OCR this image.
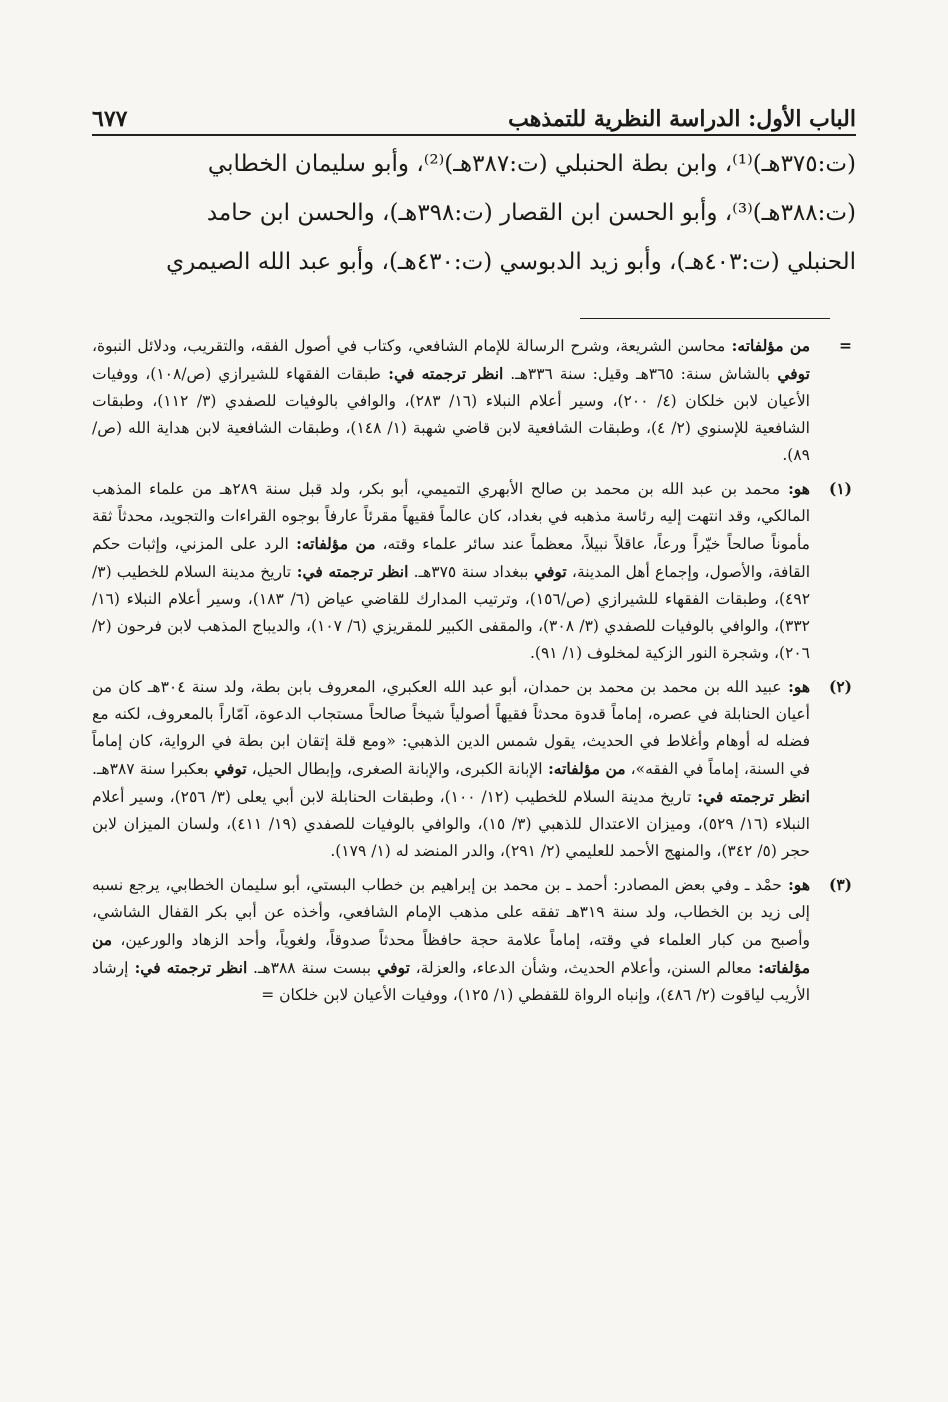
الباب الأول: الدراسة النظرية للتمذهب
٦٧٧
(ت:٣٧٥هـ)⁽¹⁾، وابن بطة الحنبلي (ت:٣٨٧هـ)⁽²⁾، وأبو سليمان الخطابي
(ت:٣٨٨هـ)⁽³⁾، وأبو الحسن ابن القصار (ت:٣٩٨هـ)، والحسن ابن حامد
الحنبلي (ت:٤٠٣هـ)، وأبو زيد الدبوسي (ت:٤٣٠هـ)، وأبو عبد الله الصيمري
=
من مؤلفاته: محاسن الشريعة، وشرح الرسالة للإمام الشافعي، وكتاب في أصول الفقه، والتقريب، ودلائل النبوة، توفي بالشاش سنة: ٣٦٥هـ وقيل: سنة ٣٣٦هـ. انظر ترجمته في: طبقات الفقهاء للشيرازي (ص/١٠٨)، ووفيات الأعيان لابن خلكان (٤/ ٢٠٠)، وسير أعلام النبلاء (١٦/ ٢٨٣)، والوافي بالوفيات للصفدي (٣/ ١١٢)، وطبقات الشافعية للإسنوي (٢/ ٤)، وطبقات الشافعية لابن قاضي شهبة (١/ ١٤٨)، وطبقات الشافعية لابن هداية الله (ص/ ٨٩).
(١)
هو: محمد بن عبد الله بن محمد بن صالح الأبهري التميمي، أبو بكر، ولد قبل سنة ٢٨٩هـ من علماء المذهب المالكي، وقد انتهت إليه رئاسة مذهبه في بغداد، كان عالماً فقيهاً مقرئاً عارفاً بوجوه القراءات والتجويد، محدثاً ثقة مأموناً صالحاً خيّراً ورعاً، عاقلاً نبيلاً، معظماً عند سائر علماء وقته، من مؤلفاته: الرد على المزني، وإثبات حكم القافة، والأصول، وإجماع أهل المدينة، توفي ببغداد سنة ٣٧٥هـ. انظر ترجمته في: تاريخ مدينة السلام للخطيب (٣/ ٤٩٢)، وطبقات الفقهاء للشيرازي (ص/١٥٦)، وترتيب المدارك للقاضي عياض (٦/ ١٨٣)، وسير أعلام النبلاء (١٦/ ٣٣٢)، والوافي بالوفيات للصفدي (٣/ ٣٠٨)، والمقفى الكبير للمقريزي (٦/ ١٠٧)، والديباج المذهب لابن فرحون (٢/ ٢٠٦)، وشجرة النور الزكية لمخلوف (١/ ٩١).
(٢)
هو: عبيد الله بن محمد بن محمد بن حمدان، أبو عبد الله العكبري، المعروف بابن بطة، ولد سنة ٣٠٤هـ كان من أعيان الحنابلة في عصره، إماماً قدوة محدثاً فقيهاً أصولياً شيخاً صالحاً مستجاب الدعوة، آمّاراً بالمعروف، لكنه مع فضله له أوهام وأغلاط في الحديث، يقول شمس الدين الذهبي: «ومع قلة إتقان ابن بطة في الرواية، كان إماماً في السنة، إماماً في الفقه»، من مؤلفاته: الإبانة الكبرى، والإبانة الصغرى، وإبطال الحيل، توفي بعكبرا سنة ٣٨٧هـ. انظر ترجمته في: تاريخ مدينة السلام للخطيب (١٢/ ١٠٠)، وطبقات الحنابلة لابن أبي يعلى (٣/ ٢٥٦)، وسير أعلام النبلاء (١٦/ ٥٢٩)، وميزان الاعتدال للذهبي (٣/ ١٥)، والوافي بالوفيات للصفدي (١٩/ ٤١١)، ولسان الميزان لابن حجر (٥/ ٣٤٢)، والمنهج الأحمد للعليمي (٢/ ٢٩١)، والدر المنضد له (١/ ١٧٩).
(٣)
هو: حمْد ـ وفي بعض المصادر: أحمد ـ بن محمد بن إبراهيم بن خطاب البستي، أبو سليمان الخطابي، يرجع نسبه إلى زيد بن الخطاب، ولد سنة ٣١٩هـ تفقه على مذهب الإمام الشافعي، وأخذه عن أبي بكر القفال الشاشي، وأصبح من كبار العلماء في وقته، إماماً علامة حجة حافظاً محدثاً صدوقاً، ولغوياً، وأحد الزهاد والورعين، من مؤلفاته: معالم السنن، وأعلام الحديث، وشأن الدعاء، والعزلة، توفي ببست سنة ٣٨٨هـ. انظر ترجمته في: إرشاد الأريب لياقوت (٢/ ٤٨٦)، وإنباه الرواة للقفطي (١/ ١٢٥)، ووفيات الأعيان لابن خلكان =
